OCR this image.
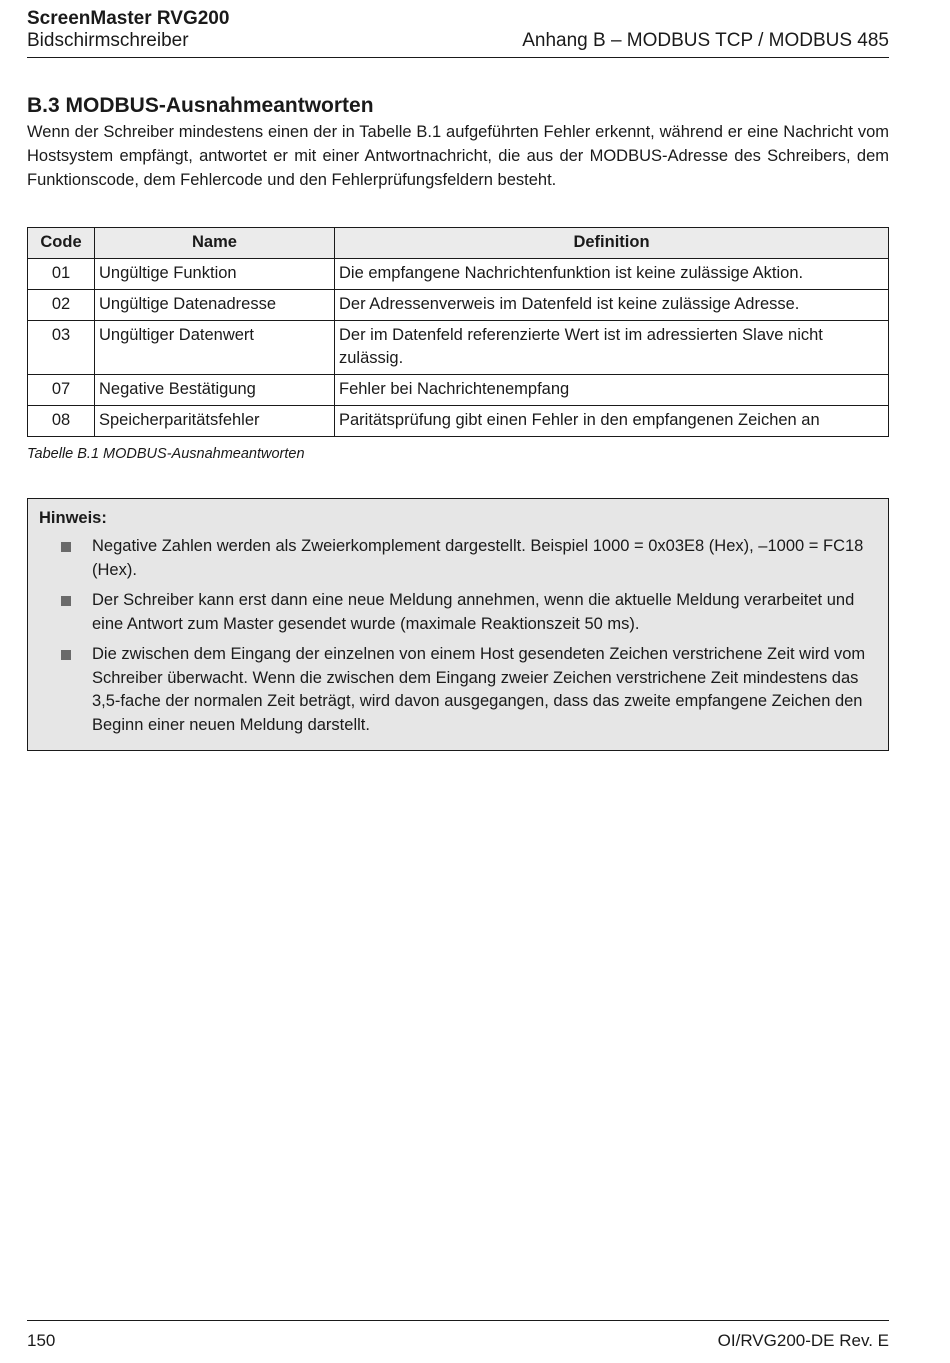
ScreenMaster RVG200
Bidschirmschreiber	Anhang B – MODBUS TCP / MODBUS 485
B.3 MODBUS-Ausnahmeantworten

Wenn der Schreiber mindestens einen der in Tabelle B.1 aufgeführten Fehler erkennt, während er eine Nachricht vom Hostsystem empfängt, antwortet er mit einer Antwortnachricht, die aus der MODBUS-Adresse des Schreibers, dem Funktionscode, dem Fehlercode und den Fehlerprüfungsfeldern besteht.

Code	Name	Definition
01	Ungültige Funktion	Die empfangene Nachrichtenfunktion ist keine zulässige Aktion.
02	Ungültige Datenadresse	Der Adressenverweis im Datenfeld ist keine zulässige Adresse.
03	Ungültiger Datenwert	Der im Datenfeld referenzierte Wert ist im adressierten Slave nicht zulässig.
07	Negative Bestätigung	Fehler bei Nachrichtenempfang
08	Speicherparitätsfehler	Paritätsprüfung gibt einen Fehler in den empfangenen Zeichen an
Tabelle B.1 MODBUS-Ausnahmeantworten
Hinweis:
Negative Zahlen werden als Zweierkomplement dargestellt. Beispiel 1000 = 0x03E8 (Hex), –1000 = FC18 (Hex).
Der Schreiber kann erst dann eine neue Meldung annehmen, wenn die aktuelle Meldung verarbeitet und eine Antwort zum Master gesendet wurde (maximale Reaktionszeit 50 ms).
Die zwischen dem Eingang der einzelnen von einem Host gesendeten Zeichen verstrichene Zeit wird vom Schreiber überwacht. Wenn die zwischen dem Eingang zweier Zeichen verstrichene Zeit mindestens das 3,5-fache der normalen Zeit beträgt, wird davon ausgegangen, dass das zweite empfangene Zeichen den Beginn einer neuen Meldung darstellt.
150	OI/RVG200-DE Rev. E
